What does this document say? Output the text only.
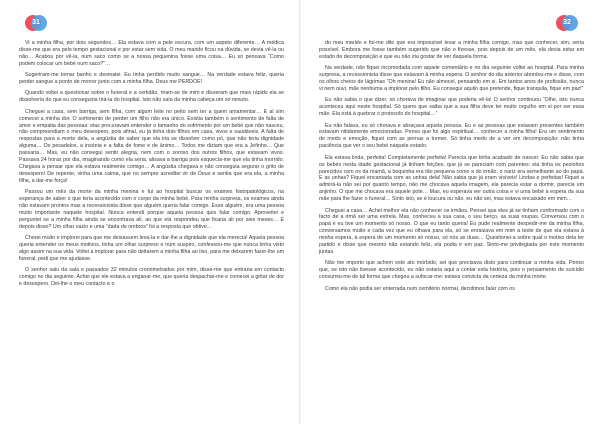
31

Vi a minha filha, por dois segundos… Ela estava com a pele escura, com um aspeto diferente… A médica disse-me que era pelo tempo gestacional e por estar sem vida. O meu marido ficou na dúvida, se devia vê-la ou não… Acabou por vê-la, num saco como se a nossa pequenina fosse uma coisa… Eu só pensava “Como podem colocar um bebé num saco?”…

Sugeriram-me tomar banho e desmaiei. Eu tinha perdido muito sangue… Na verdade estava feliz, queria perder sangue a ponto de morrer junto com a minha filha. Deus me PERDOE!

Quando voltei a questionar sobre o funeral e a certidão, riram-se de mim e disseram que mais rápido ela se dissolveria do que eu conseguiria tirá-la do hospital. Isto não saía da minha cabeça um só minuto.

Cheguei a casa, sem barriga, sem filha, com algum leite no peito sem ter a quem amamentar… E al sim comecei a minha dor. O sofrimento de perder um filho não era único. Existia também o sentimento de falta de amor e empatia das pessoas: elas procuravam entender o tamanho do sofrimento por um bebé que não nasceu, não compreendiam o meu desespero, pois afinal, eu já tinha dois filhos em casa, vivos e saudáveis. A falta de respostas para a morte dela, a angústia de saber que ela iria se dissolver como pó, que não teria dignidade alguma… Os pesadelos, a insónia e a falta de fome e de ânimo… Todos me diziam que era a Jefinho… Que passaria… Mas, eu não consegui sentir alegria, nem com o sorriso dos outros filhos, que estavam vivos. Passava 24 horas por dia, imaginando como ela seria, alisava a barriga pois esquecia-me que ela tinha morrido. Chegava a pensar que ela estava realmente comigo… A angústia chegava e não conseguia segurar o grito de desespero! De repente, vinha uma calma, que no sempre acreditei vir de Deus e sentia que era ela, a minha filha, a dar-me força!

Passou um mês da morte da minha menina e fui ao hospital buscar os exames histopatológicos, na esperança de saber o que teria acontecido com o corpo da minha bebé. Para minha surpresa, os exames ainda não estavam prontos mas a recessionista disse que alguém queria falar comigo. Esse alguém, era uma pessoa muito importante naquele hospital. Nunca entendi porque aquela pessoa quis falar comigo. Aproveitei e perguntei se a minha filha ainda se encontrava ali, ao que ela respondeu que ficaria ali por seis meses… E depois disso? Um olhar vazio e uma “dada de ombros” foi a resposta que obtive…

Chorei muito e implorei para que me deixassem leva-la e dar-lhe a dignidade que ela merecia! Aquela pessoa queria entender os meus motivos, tinha um olhar surpreso e num suspiro, confessou-me que nunca tinha visto algo assim na sua vida. Voltei a implorar para não deitarem a minha filha ao lixo, para me deixarem fazer-lhe um funeral, pedi que me ajudasse.

O senhor saiu da sala e passados 32 minutos cronometrados por mim, disse-me que entraria em contacto comigo no dia seguinte. Achei que ele estava a enganar-me, que queria despachar-me e comecei a gritar de dor e desespero. Dei-lhe o meu contacto e o

32

do meu marido e foi-me dito que era impossível levar a minha filha comigo, mas que conhecer, sim, seria possível. Embora me fosse também sugerido que não o fizesse, pois depois de um mês, ela devia estar em estado de decomposição e que eu não iria gostar de ver daquela forma.

Na verdade, não fiquei incomodada com aquele comentário e no dia seguinte voltei ao hospital. Para minha surpresa, a recessionista disse que estavam à minha espera. O senhor do dia anterior abordou-me e disse, com os olhos cheios de lágrimas “Oh menina! Eu não almocei, pensando em si. Em tantos anos de profissão, nunca vi nem ouvi, mãe nenhuma a implorar pelo filho. Eu consegui aquilo que pretende, fique tranquila, fique em paz!”

Eu não sabia o que dizer, só chorava de imaginar que poderia vê-la! O senhor continuou “Olhe, isto nunca aconteceu aqui neste hospital. Só quero que saiba que a sua filha deve ter muito orgulho em si por ser essa mãe. Ela está à quebrar o protocolo do hospital…”

Eu não falava, eu só chorava e abraçava aquela pessoa. Eu e as pessoas que estavam presentes também estavam nitidamente emocionadas. Penso que foi algo espiritual… conhecer a minha filha! Era um sentimento de medo e emoção, fiquei com as pernas a tremer. Só tinha medo de a ver em decomposição: não tinha paciência que ver o seu bebé naquele estado.

Ela estava linda, perfeita! Completamente perfeita! Parecia que tinha acabado de nascer. Eu não sabia que os bebés nesta idade gestacional já tinham feições, que já se pareciam com parentes: ela tinha os pezinhos parecidos com os da mamã, a boquinha era tão pequena como a do irmão, o nariz era semelhante ao do papá. E as unhas? Fiquei encantada com as unhas dela! Não sabia que já eram visíveis! Lindas e perfeitas! Fiquei a admirá-la não sei por quanto tempo, não me chocava aquela imagem, ela parecia estar a dormir, parecia um anjinho. O que me chocava era aquele pote… Mas, eu esperava ver outra coisa e vi uma bebé à espera da sua mãe para lhe fazer o funeral… Sinto isto, se é loucura ou não, eu não sei, mas estava encaixado em mim…

Cheguei a casa… Achei melhor ela não conhecer os irmãos. Pensei que eles já se tinham conformado com o facto de a irmã ser uma estrela. Mas, conheceu a sua casa, o seu berço, as suas roupas. Conversou com o papá e eu tive um momento só nosso. O que eu tanto queria! Eu pude realmente despedir-me da minha filha, conversamos muito e cada vez que eu olhava para ela, só se enraizava em mim a teste de que ela estava à minha espera, à espera de um momento só nosso, só nós as duas… Questionei-a sobre qual o motivo dela ter partido e disse que mesmo não estando feliz, ela podia ir em paz. Sinto-me privilegiada por este momento juntas.

Não me importo que achem este ato mórbido, sei que precisava disto para continuar a minha vida. Penso que, se isto não tivesse acontecido, eu não estaria aqui a contar esta história, pois o pensamento de suicídio consumiu-me de tal forma que chegou a sufocar-me: estava convicta da certeza da minha morte.

Como ela não podia ser enterrada num cemitério normal, decidimos falar com os
